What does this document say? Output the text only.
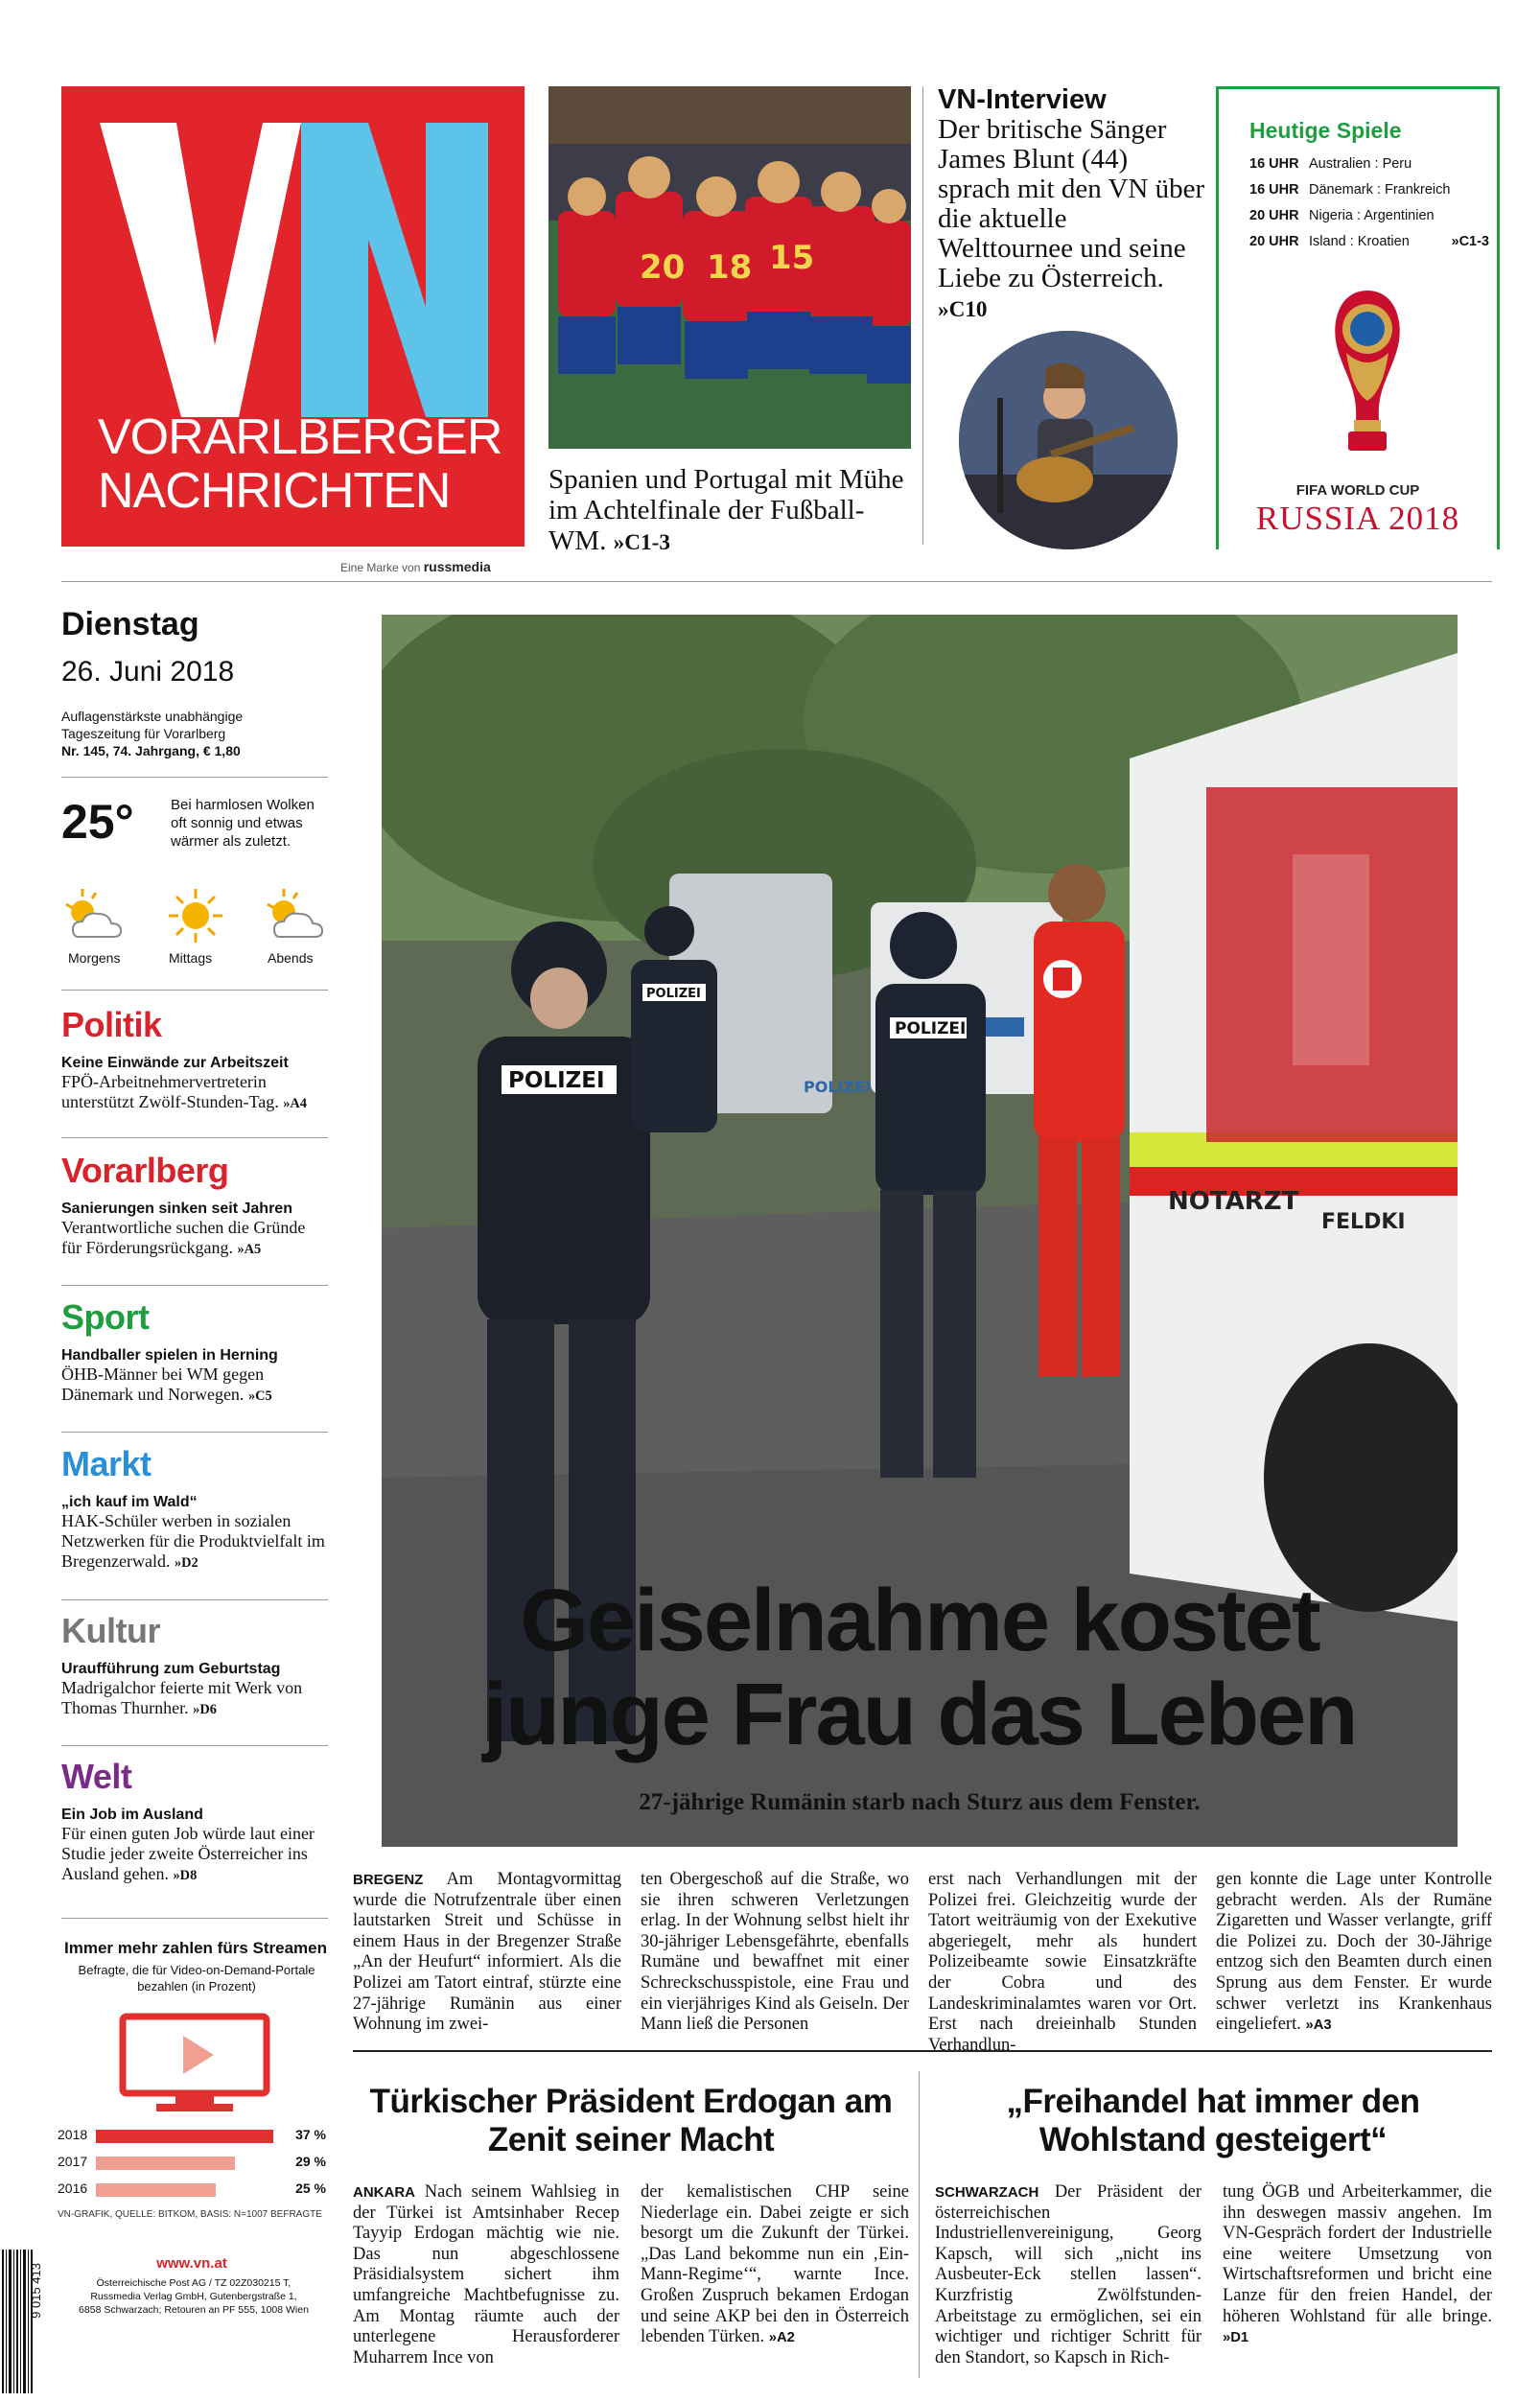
VORARLBERGER
NACHRICHTEN
Eine Marke von russmedia
18 15
20
Spanien und Portugal mit Mühe im Achtelfinale der Fußball-WM. »C1-3
VN-Interview
Der britische Sänger James Blunt (44) sprach mit den VN über die aktuelle Welttournee und seine Liebe zu Österreich. »C10
Heutige Spiele
16 UHR Australien : Peru
16 UHR Dänemark : Frankreich
20 UHR Nigeria : Argentinien
20 UHR Island : Kroatien	»C1-3
FIFA WORLD CUP
RUSSIA 2018
Dienstag
26. Juni 2018
Auflagenstärkste unabhängige
Tageszeitung für Vorarlberg
Nr. 145, 74. Jahrgang, € 1,80
25°	Bei harmlosen Wolken oft sonnig und etwas wärmer als zuletzt.
Morgens	Mittags	Abends
Politik
Keine Einwände zur Arbeitszeit
FPÖ-Arbeitnehmervertreterin unterstützt Zwölf-Stunden-Tag. »A4
Vorarlberg
Sanierungen sinken seit Jahren
Verantwortliche suchen die Gründe für Förderungsrückgang. »A5
Sport
Handballer spielen in Herning
ÖHB-Männer bei WM gegen Dänemark und Norwegen. »C5
Markt
„ich kauf im Wald“
HAK-Schüler werben in sozialen Netzwerken für die Produktvielfalt im Bregenzerwald. »D2
Kultur
Uraufführung zum Geburtstag
Madrigalchor feierte mit Werk von Thomas Thurnher. »D6
Welt
Ein Job im Ausland
Für einen guten Job würde laut einer Studie jeder zweite Österreicher ins Ausland gehen. »D8
Immer mehr zahlen fürs Streamen
Befragte, die für Video-on-Demand-Portale bezahlen (in Prozent)
2018	37 %
2017	29 %
2016	25 %
VN-GRAFIK, QUELLE: BITKOM, BASIS: N=1007 BEFRAGTE
9 015 413	www.vn.at
Österreichische Post AG / TZ 02Z030215 T,
Russmedia Verlag GmbH, Gutenbergstraße 1,
6858 Schwarzach; Retouren an PF 555, 1008 Wien
NOTARZT
FELDKI
POLIZEI
POLIZEI
POLIZEI
POLIZEI
Geiselnahme kostet
junge Frau das Leben
27-jährige Rumänin starb nach Sturz aus dem Fenster.
BREGENZ Am Montagvormittag wurde die Notrufzentrale über einen lautstarken Streit und Schüsse in einem Haus in der Bregenzer Straße „An der Heufurt“ informiert. Als die Polizei am Tatort eintraf, stürzte eine 27-jährige Rumänin aus einer Wohnung im zwei-
ten Obergeschoß auf die Straße, wo sie ihren schweren Verletzungen erlag. In der Wohnung selbst hielt ihr 30-jähriger Lebensgefährte, ebenfalls Rumäne und bewaffnet mit einer Schreckschusspistole, eine Frau und ein vierjähriges Kind als Geiseln. Der Mann ließ die Personen
erst nach Verhandlungen mit der Polizei frei. Gleichzeitig wurde der Tatort weiträumig von der Exekutive abgeriegelt, mehr als hundert Polizeibeamte sowie Einsatzkräfte der Cobra und des Landeskriminalamtes waren vor Ort. Erst nach dreieinhalb Stunden Verhandlun-
gen konnte die Lage unter Kontrolle gebracht werden. Als der Rumäne Zigaretten und Wasser verlangte, griff die Polizei zu. Doch der 30-Jährige entzog sich den Beamten durch einen Sprung aus dem Fenster. Er wurde schwer verletzt ins Krankenhaus eingeliefert. »A3
Türkischer Präsident Erdogan am Zenit seiner Macht
ANKARA Nach seinem Wahlsieg in der Türkei ist Amtsinhaber Recep Tayyip Erdogan mächtig wie nie. Das nun abgeschlossene Präsidialsystem sichert ihm umfangreiche Machtbefugnisse zu. Am Montag räumte auch der unterlegene Herausforderer Muharrem Ince von
der kemalistischen CHP seine Niederlage ein. Dabei zeigte er sich besorgt um die Zukunft der Türkei. „Das Land bekomme nun ein ‚Ein-Mann-Regime‘“, warnte Ince. Großen Zuspruch bekamen Erdogan und seine AKP bei den in Österreich lebenden Türken. »A2
„Freihandel hat immer den Wohlstand gesteigert“
SCHWARZACH Der Präsident der österreichischen Industriellenvereinigung, Georg Kapsch, will sich „nicht ins Ausbeuter-Eck stellen lassen“. Kurzfristig Zwölfstunden-Arbeitstage zu ermöglichen, sei ein wichtiger und richtiger Schritt für den Standort, so Kapsch in Rich-
tung ÖGB und Arbeiterkammer, die ihn deswegen massiv angehen. Im VN-Gespräch fordert der Industrielle eine weitere Umsetzung von Wirtschaftsreformen und bricht eine Lanze für den freien Handel, der höheren Wohlstand für alle bringe. »D1
